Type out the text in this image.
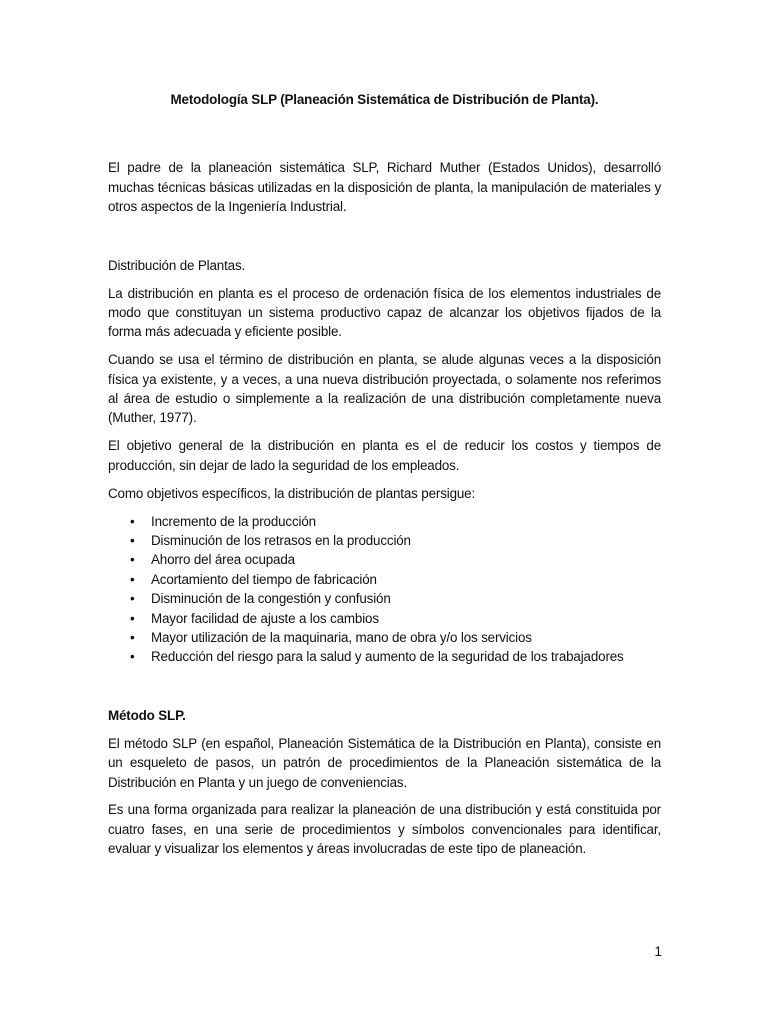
Metodología SLP (Planeación Sistemática de Distribución de Planta).

El padre de la planeación sistemática SLP, Richard Muther (Estados Unidos), desarrolló muchas técnicas básicas utilizadas en la disposición de planta, la manipulación de materiales y otros aspectos de la Ingeniería Industrial.

Distribución de Plantas.

La distribución en planta es el proceso de ordenación física de los elementos industriales de modo que constituyan un sistema productivo capaz de alcanzar los objetivos fijados de la forma más adecuada y eficiente posible.

Cuando se usa el término de distribución en planta, se alude algunas veces a la disposición física ya existente, y a veces, a una nueva distribución proyectada, o solamente nos referimos al área de estudio o simplemente a la realización de una distribución completamente nueva (Muther, 1977).

El objetivo general de la distribución en planta es el de reducir los costos y tiempos de producción, sin dejar de lado la seguridad de los empleados.

Como objetivos específicos, la distribución de plantas persigue:

• Incremento de la producción
• Disminución de los retrasos en la producción
• Ahorro del área ocupada
• Acortamiento del tiempo de fabricación
• Disminución de la congestión y confusión
• Mayor facilidad de ajuste a los cambios
• Mayor utilización de la maquinaria, mano de obra y/o los servicios
• Reducción del riesgo para la salud y aumento de la seguridad de los trabajadores
Método SLP.

El método SLP (en español, Planeación Sistemática de la Distribución en Planta), consiste en un esqueleto de pasos, un patrón de procedimientos de la Planeación sistemática de la Distribución en Planta y un juego de conveniencias.

Es una forma organizada para realizar la planeación de una distribución y está constituida por cuatro fases, en una serie de procedimientos y símbolos convencionales para identificar, evaluar y visualizar los elementos y áreas involucradas de este tipo de planeación.

1
